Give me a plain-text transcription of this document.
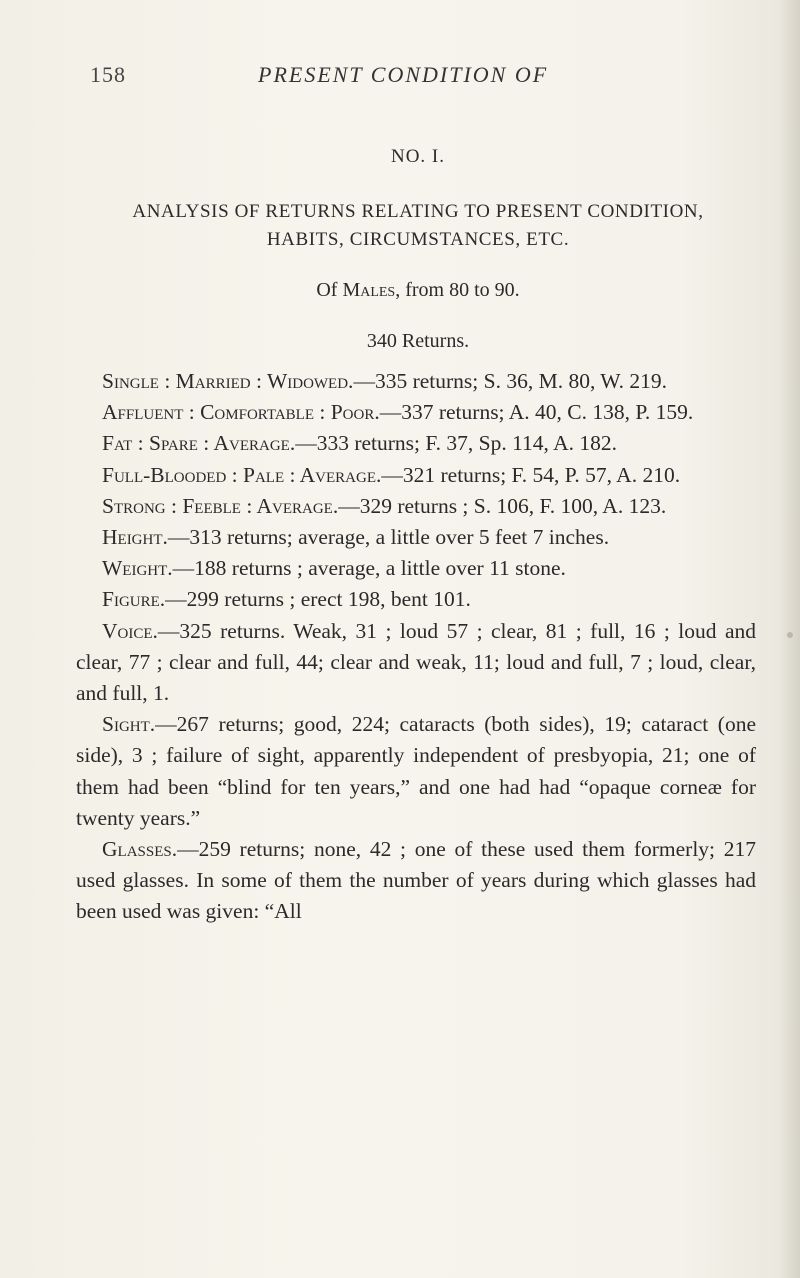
158	PRESENT CONDITION OF
NO. I.
ANALYSIS OF RETURNS RELATING TO PRESENT CONDITION,
HABITS, CIRCUMSTANCES, ETC.
Of Males, from 80 to 90.
340 Returns.

Single : Married : Widowed.—335 returns; S. 36, M. 80, W. 219.

Affluent : Comfortable : Poor.—337 returns; A. 40, C. 138, P. 159.

Fat : Spare : Average.—333 returns; F. 37, Sp. 114, A. 182.

Full-Blooded : Pale : Average.—321 returns; F. 54, P. 57, A. 210.

Strong : Feeble : Average.—329 returns ; S. 106, F. 100, A. 123.

Height.—313 returns; average, a little over 5 feet 7 inches.

Weight.—188 returns ; average, a little over 11 stone.

Figure.—299 returns ; erect 198, bent 101.

Voice.—325 returns. Weak, 31 ; loud 57 ; clear, 81 ; full, 16 ; loud and clear, 77 ; clear and full, 44; clear and weak, 11; loud and full, 7 ; loud, clear, and full, 1.

Sight.—267 returns; good, 224; cataracts (both sides), 19; cataract (one side), 3 ; failure of sight, apparently independent of presbyopia, 21; one of them had been “blind for ten years,” and one had had “opaque corneæ for twenty years.”

Glasses.—259 returns; none, 42 ; one of these used them formerly; 217 used glasses. In some of them the number of years during which glasses had been used was given: “All
